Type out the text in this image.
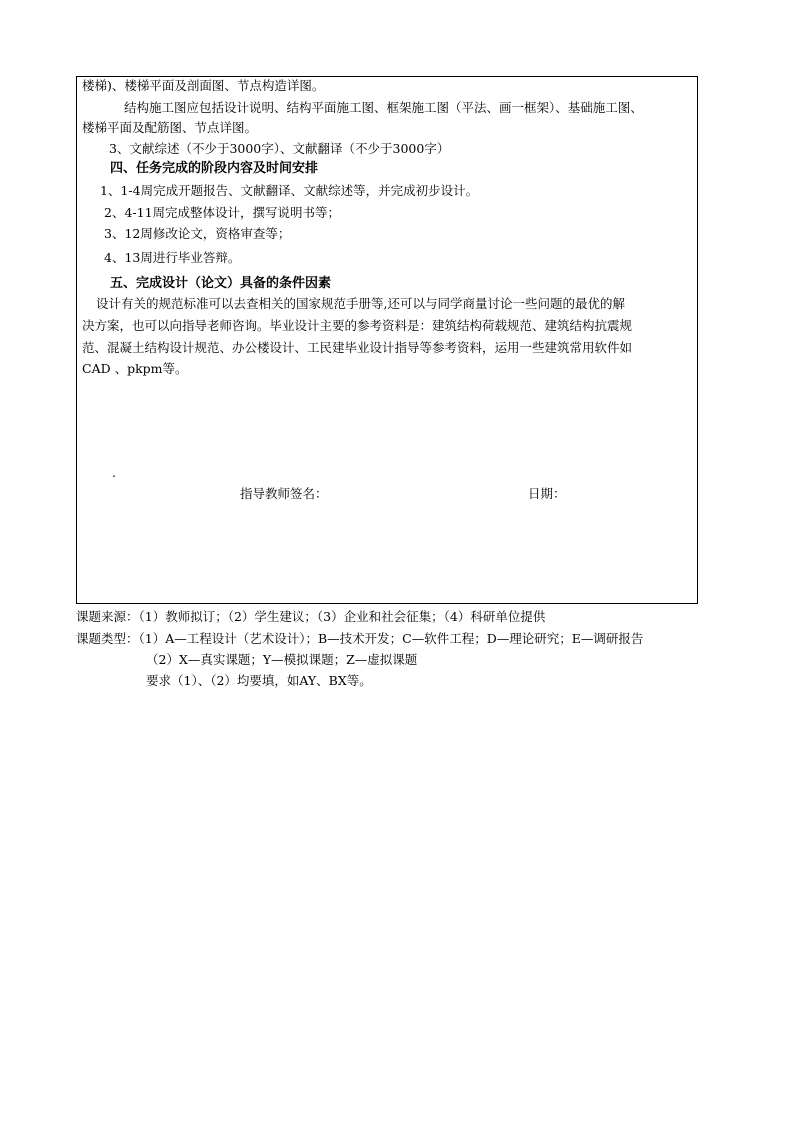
楼梯)、楼梯平面及剖面图、节点构造详图。
结构施工图应包括设计说明、结构平面施工图、框架施工图（平法、画一框架）、基础施工图、
楼梯平面及配筋图、节点详图。
3、文献综述（不少于3000字）、文献翻译（不少于3000字）
四、任务完成的阶段内容及时间安排
1、1-4周完成开题报告、文献翻译、文献综述等，并完成初步设计。
2、4-11周完成整体设计，撰写说明书等；
3、12周修改论文，资格审查等；
4、13周进行毕业答辩。
五、完成设计（论文）具备的条件因素
设计有关的规范标准可以去查相关的国家规范手册等,还可以与同学商量讨论一些问题的最优的解
决方案，也可以向指导老师咨询。毕业设计主要的参考资料是：建筑结构荷载规范、建筑结构抗震规
范、混凝土结构设计规范、办公楼设计、工民建毕业设计指导等参考资料，运用一些建筑常用软件如
CAD 、pkpm等。
.
指导教师签名：	日期：
课题来源：（1）教师拟订；（2）学生建议；（3）企业和社会征集；（4）科研单位提供
课题类型：（1）A—工程设计（艺术设计）；B—技术开发；C—软件工程；D—理论研究；E—调研报告
（2）X—真实课题；Y—模拟课题；Z—虚拟课题
要求（1）、（2）均要填，如AY、BX等。
